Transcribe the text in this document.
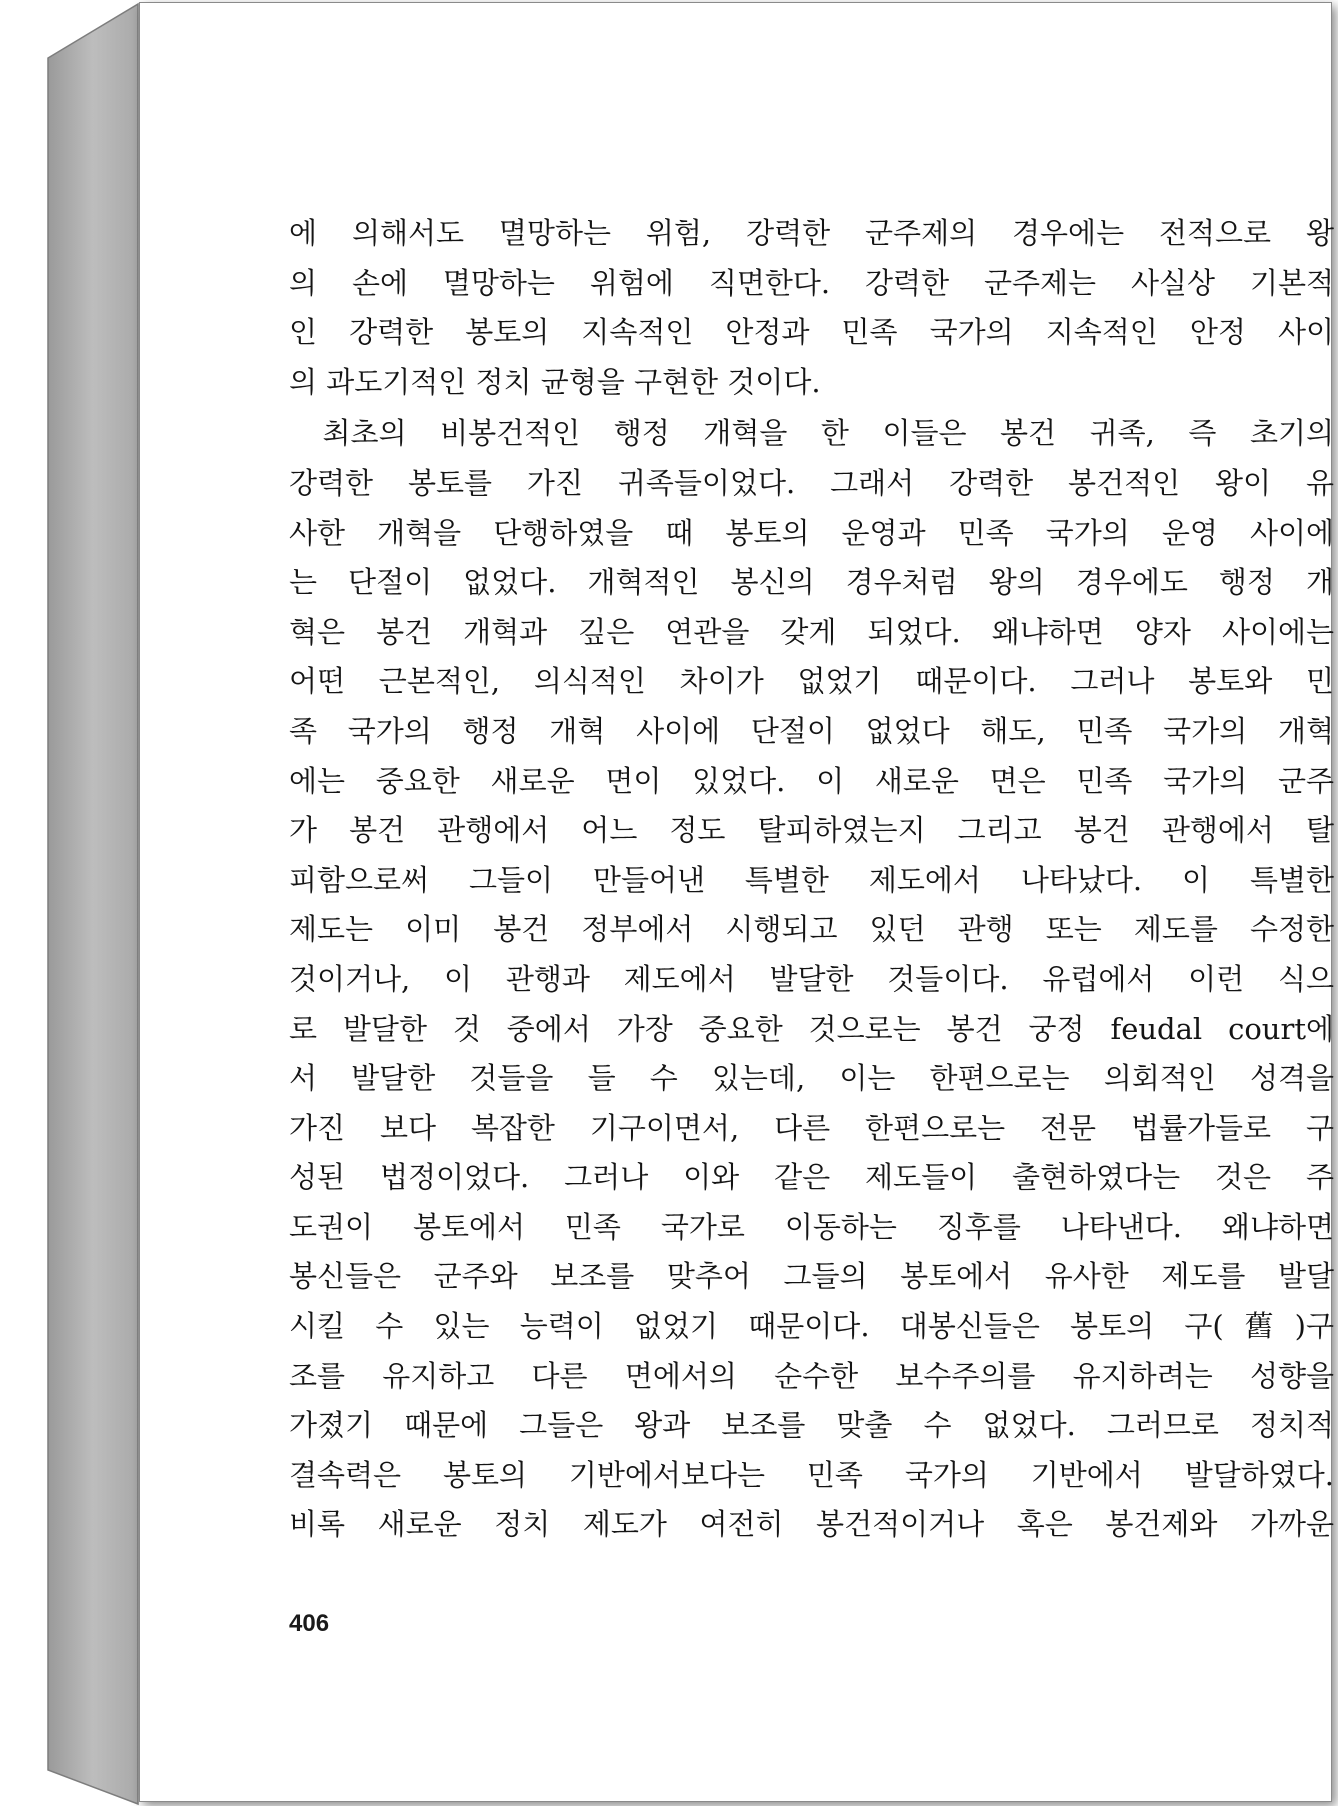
에 의해서도 멸망하는 위험, 강력한 군주제의 경우에는 전적으로 왕
의 손에 멸망하는 위험에 직면한다. 강력한 군주제는 사실상 기본적
인 강력한 봉토의 지속적인 안정과 민족 국가의 지속적인 안정 사이
의 과도기적인 정치 균형을 구현한 것이다.
최초의 비봉건적인 행정 개혁을 한 이들은 봉건 귀족, 즉 초기의
강력한 봉토를 가진 귀족들이었다. 그래서 강력한 봉건적인 왕이 유
사한 개혁을 단행하였을 때 봉토의 운영과 민족 국가의 운영 사이에
는 단절이 없었다. 개혁적인 봉신의 경우처럼 왕의 경우에도 행정 개
혁은 봉건 개혁과 깊은 연관을 갖게 되었다. 왜냐하면 양자 사이에는
어떤 근본적인, 의식적인 차이가 없었기 때문이다. 그러나 봉토와 민
족 국가의 행정 개혁 사이에 단절이 없었다 해도, 민족 국가의 개혁
에는 중요한 새로운 면이 있었다. 이 새로운 면은 민족 국가의 군주
가 봉건 관행에서 어느 정도 탈피하였는지 그리고 봉건 관행에서 탈
피함으로써 그들이 만들어낸 특별한 제도에서 나타났다. 이 특별한
제도는 이미 봉건 정부에서 시행되고 있던 관행 또는 제도를 수정한
것이거나, 이 관행과 제도에서 발달한 것들이다. 유럽에서 이런 식으
로 발달한 것 중에서 가장 중요한 것으로는 봉건 궁정 feudal court에
서 발달한 것들을 들 수 있는데, 이는 한편으로는 의회적인 성격을
가진 보다 복잡한 기구이면서, 다른 한편으로는 전문 법률가들로 구
성된 법정이었다. 그러나 이와 같은 제도들이 출현하였다는 것은 주
도권이 봉토에서 민족 국가로 이동하는 징후를 나타낸다. 왜냐하면
봉신들은 군주와 보조를 맞추어 그들의 봉토에서 유사한 제도를 발달
시킬 수 있는 능력이 없었기 때문이다. 대봉신들은 봉토의 구(舊)구
조를 유지하고 다른 면에서의 순수한 보수주의를 유지하려는 성향을
가졌기 때문에 그들은 왕과 보조를 맞출 수 없었다. 그러므로 정치적
결속력은 봉토의 기반에서보다는 민족 국가의 기반에서 발달하였다.
비록 새로운 정치 제도가 여전히 봉건적이거나 혹은 봉건제와 가까운
406
